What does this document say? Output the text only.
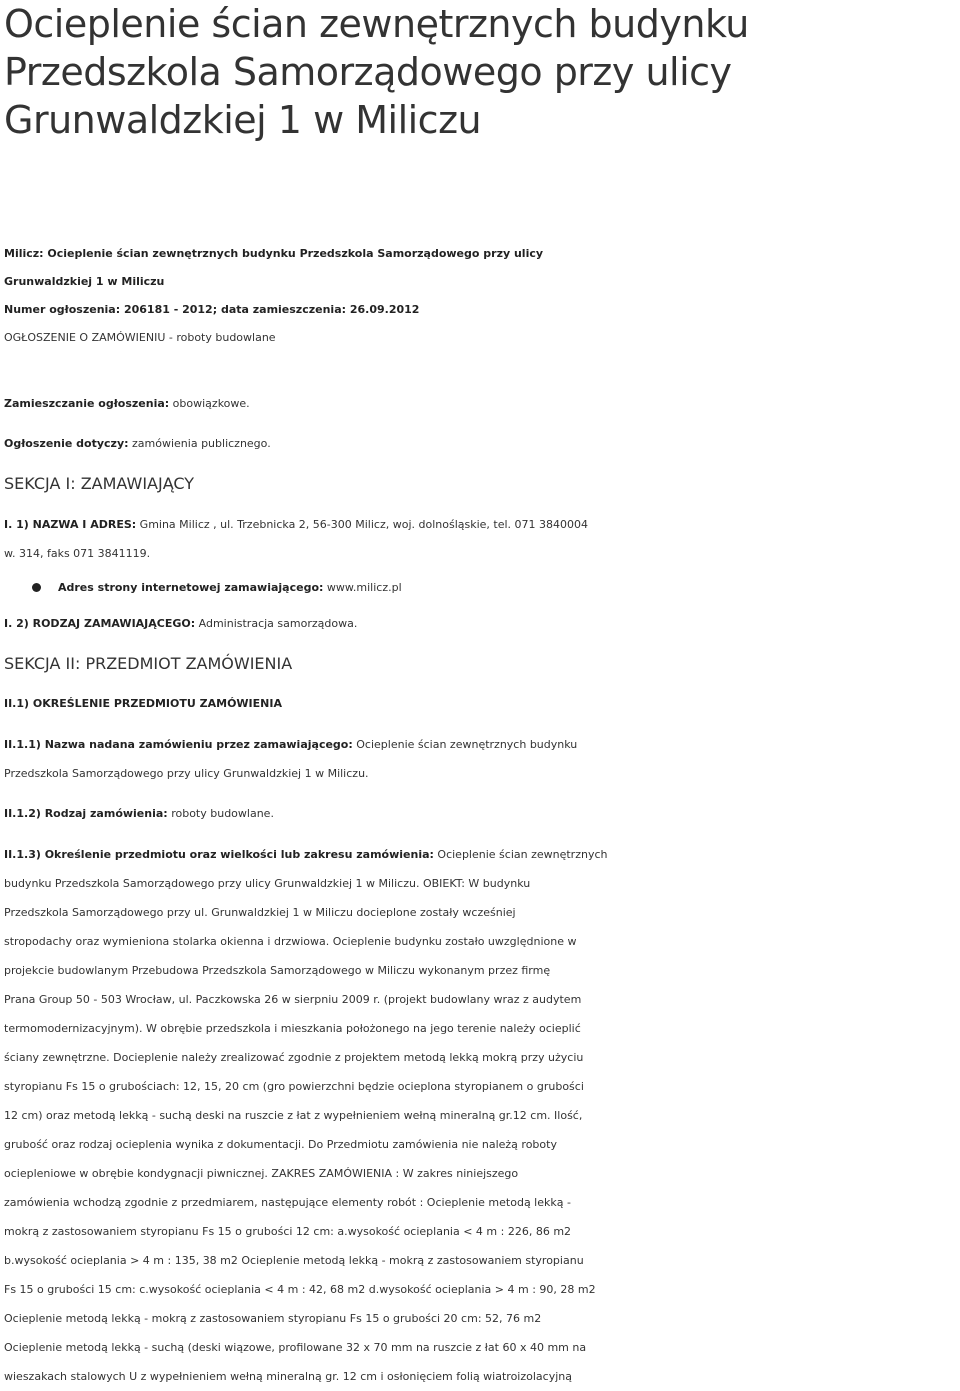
Ocieplenie ścian zewnętrznych budynku
Przedszkola Samorządowego przy ulicy
Grunwaldzkiej 1 w Miliczu
Milicz: Ocieplenie ścian zewnętrznych budynku Przedszkola Samorządowego przy ulicy
Grunwaldzkiej 1 w Miliczu
Numer ogłoszenia: 206181 - 2012; data zamieszczenia: 26.09.2012
OGŁOSZENIE O ZAMÓWIENIU - roboty budowlane
Zamieszczanie ogłoszenia: obowiązkowe.
Ogłoszenie dotyczy: zamówienia publicznego.
SEKCJA I: ZAMAWIAJĄCY
I. 1) NAZWA I ADRES: Gmina Milicz , ul. Trzebnicka 2, 56-300 Milicz, woj. dolnośląskie, tel. 071 3840004
w. 314, faks 071 3841119.
Adres strony internetowej zamawiającego: www.milicz.pl
I. 2) RODZAJ ZAMAWIAJĄCEGO: Administracja samorządowa.
SEKCJA II: PRZEDMIOT ZAMÓWIENIA
II.1) OKREŚLENIE PRZEDMIOTU ZAMÓWIENIA
II.1.1) Nazwa nadana zamówieniu przez zamawiającego: Ocieplenie ścian zewnętrznych budynku
Przedszkola Samorządowego przy ulicy Grunwaldzkiej 1 w Miliczu.
II.1.2) Rodzaj zamówienia: roboty budowlane.
II.1.3) Określenie przedmiotu oraz wielkości lub zakresu zamówienia: Ocieplenie ścian zewnętrznych
budynku Przedszkola Samorządowego przy ulicy Grunwaldzkiej 1 w Miliczu. OBIEKT: W budynku
Przedszkola Samorządowego przy ul. Grunwaldzkiej 1 w Miliczu docieplone zostały wcześniej
stropodachy oraz wymieniona stolarka okienna i drzwiowa. Ocieplenie budynku zostało uwzględnione w
projekcie budowlanym Przebudowa Przedszkola Samorządowego w Miliczu wykonanym przez firmę
Prana Group 50 - 503 Wrocław, ul. Paczkowska 26 w sierpniu 2009 r. (projekt budowlany wraz z audytem
termomodernizacyjnym). W obrębie przedszkola i mieszkania położonego na jego terenie należy ocieplić
ściany zewnętrzne. Docieplenie należy zrealizować zgodnie z projektem metodą lekką mokrą przy użyciu
styropianu Fs 15 o grubościach: 12, 15, 20 cm (gro powierzchni będzie ocieplona styropianem o grubości
12 cm) oraz metodą lekką - suchą deski na ruszcie z łat z wypełnieniem wełną mineralną gr.12 cm. Ilość,
grubość oraz rodzaj ocieplenia wynika z dokumentacji. Do Przedmiotu zamówienia nie należą roboty
ociepleniowe w obrębie kondygnacji piwnicznej. ZAKRES ZAMÓWIENIA : W zakres niniejszego
zamówienia wchodzą zgodnie z przedmiarem, następujące elementy robót : Ocieplenie metodą lekką -
mokrą z zastosowaniem styropianu Fs 15 o grubości 12 cm: a.wysokość ocieplania < 4 m : 226, 86 m2
b.wysokość ocieplania > 4 m : 135, 38 m2 Ocieplenie metodą lekką - mokrą z zastosowaniem styropianu
Fs 15 o grubości 15 cm: c.wysokość ocieplania < 4 m : 42, 68 m2 d.wysokość ocieplania > 4 m : 90, 28 m2
Ocieplenie metodą lekką - mokrą z zastosowaniem styropianu Fs 15 o grubości 20 cm: 52, 76 m2
Ocieplenie metodą lekką - suchą (deski wiązowe, profilowane 32 x 70 mm na ruszcie z łat 60 x 40 mm na
wieszakach stalowych U z wypełnieniem wełną mineralną gr. 12 cm i osłonięciem folią wiatroizolacyjną
